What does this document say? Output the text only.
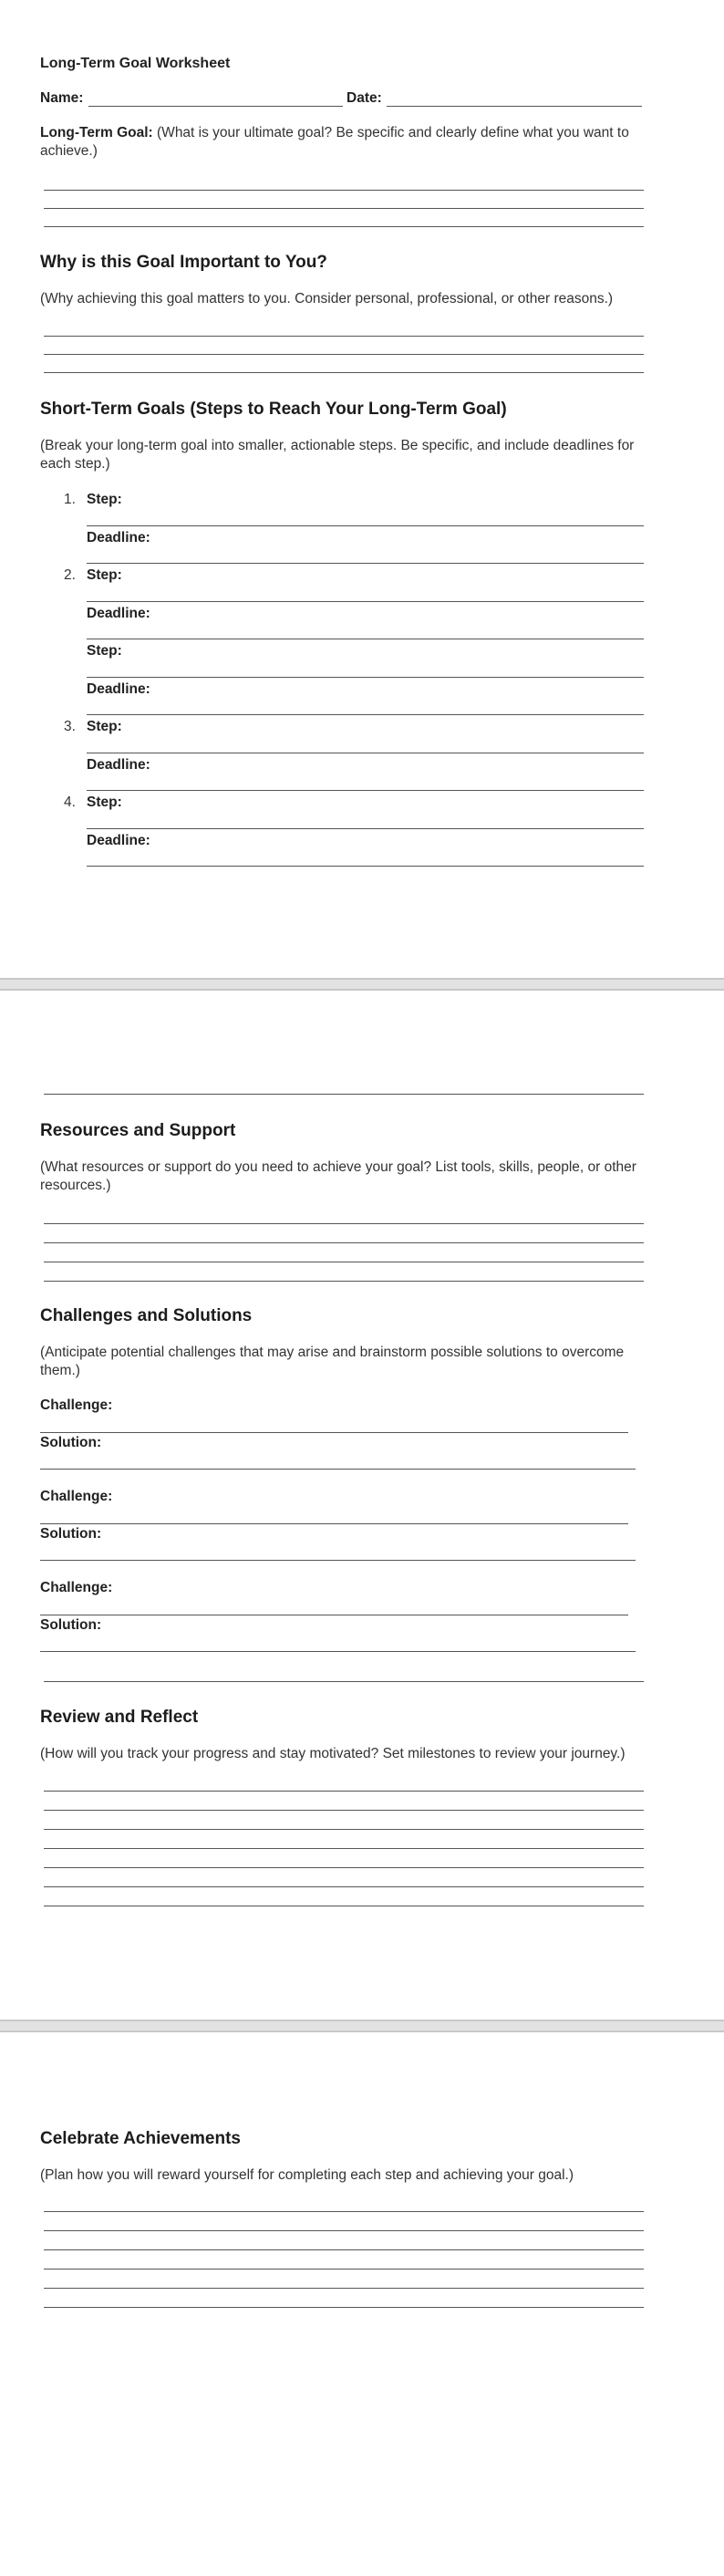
Long-Term Goal Worksheet
Name:	Date:
Long-Term Goal: (What is your ultimate goal? Be specific and clearly define what you want to achieve.)
Why is this Goal Important to You?
(Why achieving this goal matters to you. Consider personal, professional, or other reasons.)
Short-Term Goals (Steps to Reach Your Long-Term Goal)
(Break your long-term goal into smaller, actionable steps. Be specific, and include deadlines for each step.)
1. Step:
Deadline:
2. Step:
Deadline:
Step:
Deadline:
3. Step:
Deadline:
4. Step:
Deadline:
Resources and Support
(What resources or support do you need to achieve your goal? List tools, skills, people, or other resources.)
Challenges and Solutions
(Anticipate potential challenges that may arise and brainstorm possible solutions to overcome them.)
Challenge:
Solution:
Challenge:
Solution:
Challenge:
Solution:
Review and Reflect
(How will you track your progress and stay motivated? Set milestones to review your journey.)
Celebrate Achievements
(Plan how you will reward yourself for completing each step and achieving your goal.)
